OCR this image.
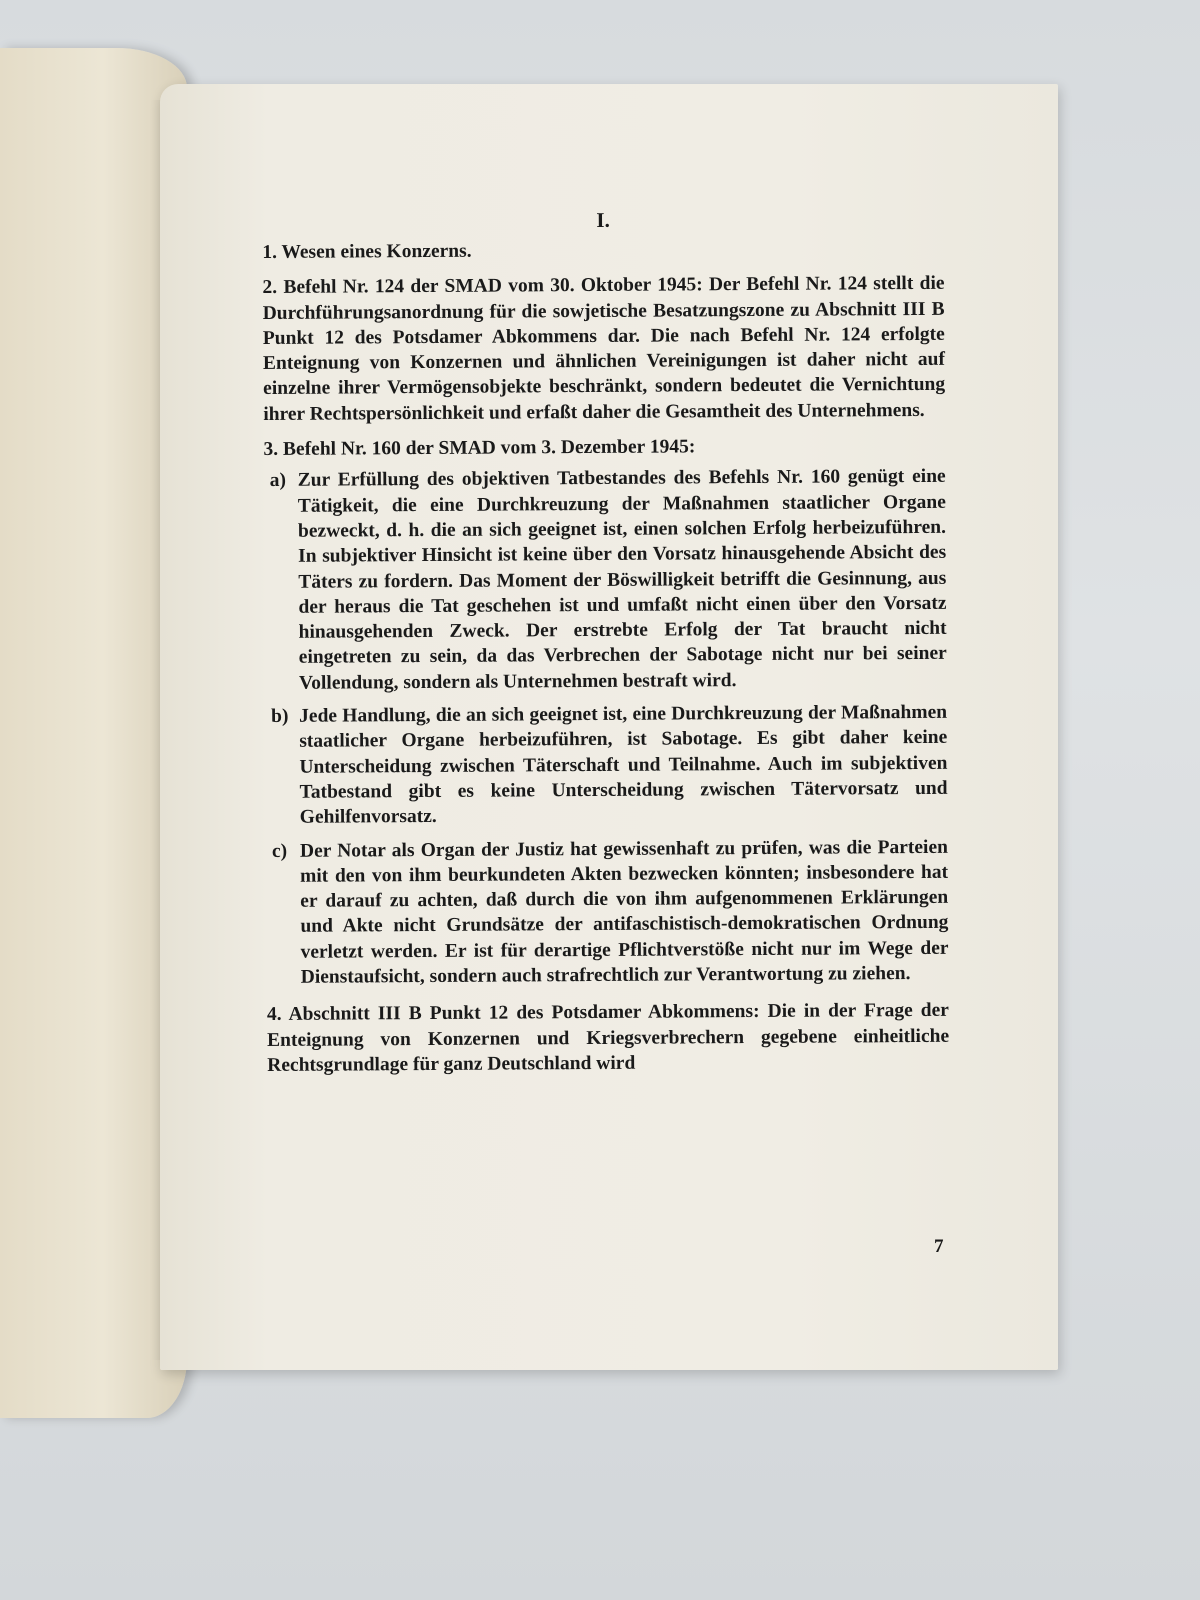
I.

1. Wesen eines Konzerns.

2. Befehl Nr. 124 der SMAD vom 30. Oktober 1945: Der Befehl Nr. 124 stellt die Durchführungsanordnung für die sowjetische Besatzungszone zu Abschnitt III B Punkt 12 des Potsdamer Abkommens dar. Die nach Befehl Nr. 124 erfolgte Enteignung von Konzernen und ähnlichen Vereinigungen ist daher nicht auf einzelne ihrer Vermögensobjekte beschränkt, sondern bedeutet die Vernichtung ihrer Rechtspersönlichkeit und erfaßt daher die Gesamtheit des Unternehmens.

3. Befehl Nr. 160 der SMAD vom 3. Dezember 1945:

a) Zur Erfüllung des objektiven Tatbestandes des Befehls Nr. 160 genügt eine Tätigkeit, die eine Durchkreuzung der Maßnahmen staatlicher Organe bezweckt, d. h. die an sich geeignet ist, einen solchen Erfolg herbeizuführen. In subjektiver Hinsicht ist keine über den Vorsatz hinausgehende Absicht des Täters zu fordern. Das Moment der Böswilligkeit betrifft die Gesinnung, aus der heraus die Tat geschehen ist und umfaßt nicht einen über den Vorsatz hinausgehenden Zweck. Der erstrebte Erfolg der Tat braucht nicht eingetreten zu sein, da das Verbrechen der Sabotage nicht nur bei seiner Vollendung, sondern als Unternehmen bestraft wird.
b) Jede Handlung, die an sich geeignet ist, eine Durchkreuzung der Maßnahmen staatlicher Organe herbeizuführen, ist Sabotage. Es gibt daher keine Unterscheidung zwischen Täterschaft und Teilnahme. Auch im subjektiven Tatbestand gibt es keine Unterscheidung zwischen Tätervorsatz und Gehilfenvorsatz.
c) Der Notar als Organ der Justiz hat gewissenhaft zu prüfen, was die Parteien mit den von ihm beurkundeten Akten bezwecken könnten; insbesondere hat er darauf zu achten, daß durch die von ihm aufgenommenen Erklärungen und Akte nicht Grundsätze der antifaschistisch-demokratischen Ordnung verletzt werden. Er ist für derartige Pflichtverstöße nicht nur im Wege der Dienstaufsicht, sondern auch strafrechtlich zur Verantwortung zu ziehen.

4. Abschnitt III B Punkt 12 des Potsdamer Abkommens: Die in der Frage der Enteignung von Konzernen und Kriegsverbrechern gegebene einheitliche Rechtsgrundlage für ganz Deutschland wird

7
